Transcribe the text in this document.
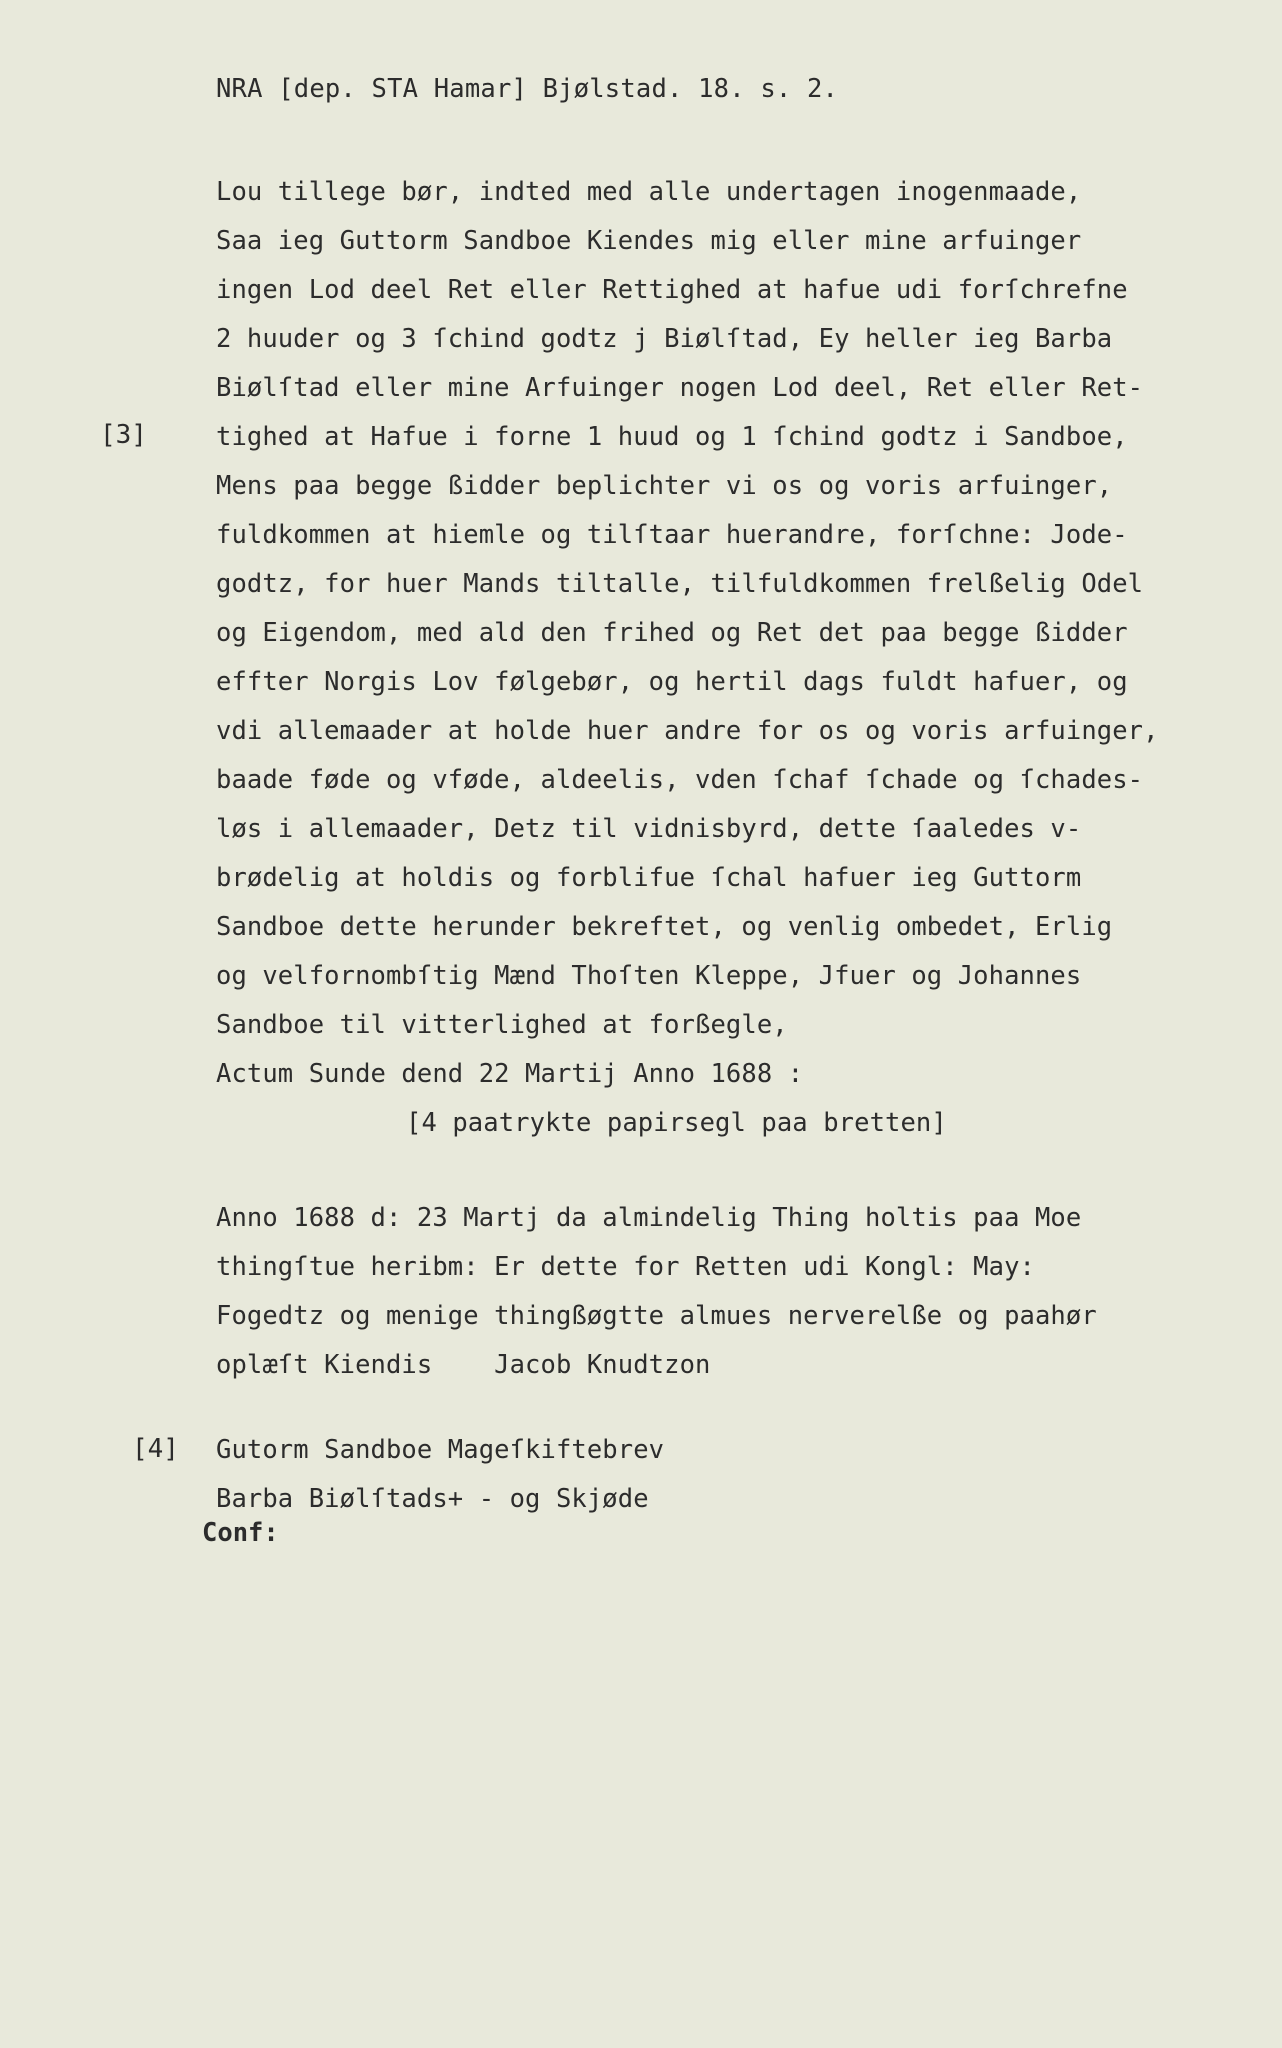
NRA [dep. STA Hamar] Bjølstad. 18. s. 2.
[3]
[4]
Lou tillege bør, indted med alle undertagen inogenmaade,
Saa ieg Guttorm Sandboe Kiendes mig eller mine arfuinger
ingen Lod deel Ret eller Rettighed at hafue udi forſchrefne
2 huuder og 3 ſchind godtz j Biølſtad, Ey heller ieg Barba
Biølſtad eller mine Arfuinger nogen Lod deel, Ret eller Ret-
tighed at Hafue i forne 1 huud og 1 ſchind godtz i Sandboe,
Mens paa begge ßidder beplichter vi os og voris arfuinger,
fuldkommen at hiemle og tilſtaar huerandre, forſchne: Jode-
godtz, for huer Mands tiltalle, tilfuldkommen frelßelig Odel
og Eigendom, med ald den frihed og Ret det paa begge ßidder
effter Norgis Lov følgebør, og hertil dags fuldt hafuer, og
vdi allemaader at holde huer andre for os og voris arfuinger,
baade føde og vføde, aldeelis, vden ſchaf ſchade og ſchades-
løs i allemaader, Detz til vidnisbyrd, dette ſaaledes v-
brødelig at holdis og forblifue ſchal hafuer ieg Guttorm
Sandboe dette herunder bekreftet, og venlig ombedet, Erlig
og velfornombſtig Mænd Thoſten Kleppe, Jfuer og Johannes
Sandboe til vitterlighed at forßegle,
Actum Sunde dend 22 Martij Anno 1688 :
[4 paatrykte papirsegl paa bretten]
Anno 1688 d: 23 Martj da almindelig Thing holtis paa Moe
thingſtue heribm: Er dette for Retten udi Kongl: May:
Fogedtz og menige thingßøgtte almues nerverelße og paahør
oplæſt Kiendis    Jacob Knudtzon
Gutorm Sandboe Mageſkiftebrev
Barba Biølſtads+ - og Skjøde
Conf:
